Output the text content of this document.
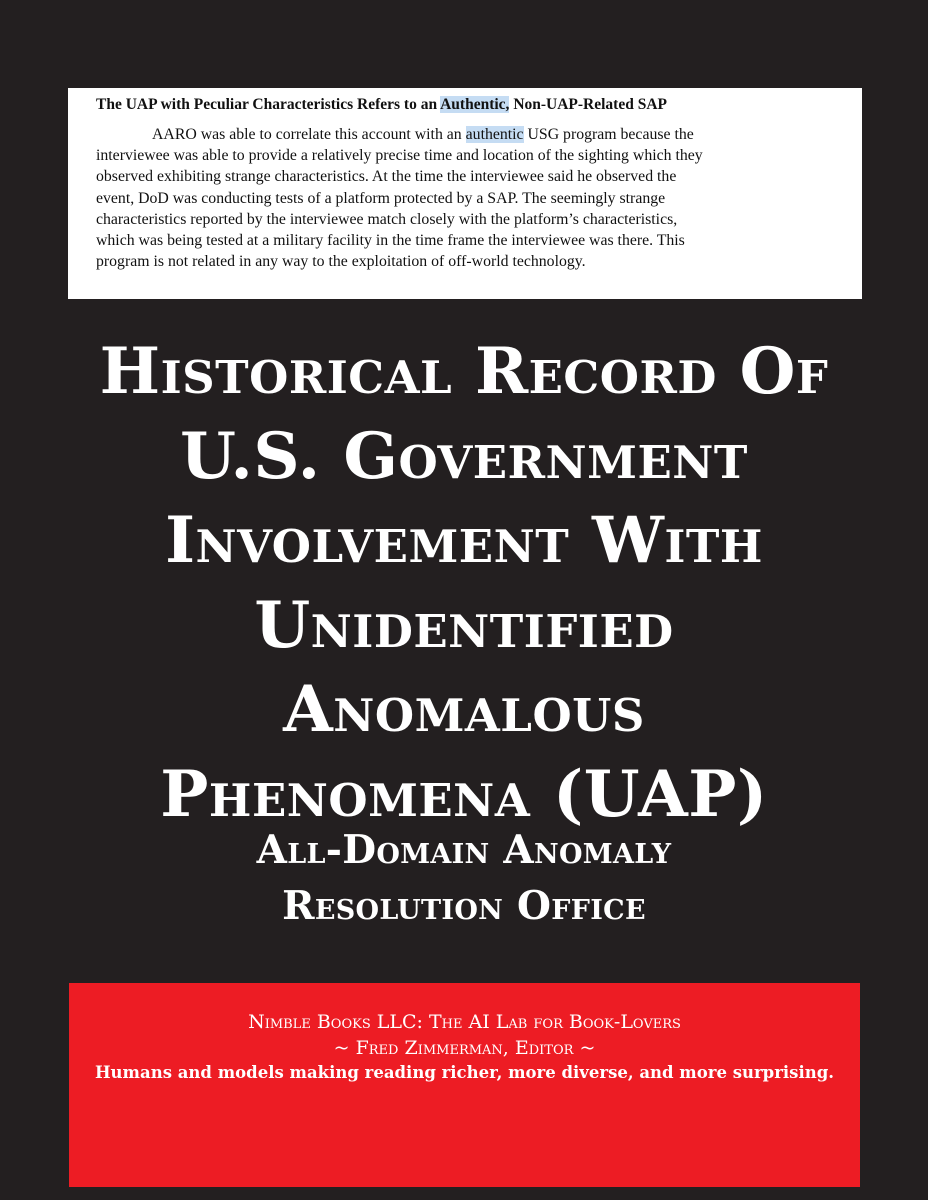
The UAP with Peculiar Characteristics Refers to an Authentic, Non-UAP-Related SAP
AARO was able to correlate this account with an authentic USG program because the
interviewee was able to provide a relatively precise time and location of the sighting which they
observed exhibiting strange characteristics. At the time the interviewee said he observed the
event, DoD was conducting tests of a platform protected by a SAP. The seemingly strange
characteristics reported by the interviewee match closely with the platform’s characteristics,
which was being tested at a military facility in the time frame the interviewee was there. This
program is not related in any way to the exploitation of off-world technology.
Historical Record Of
U.S. Government
Involvement With
Unidentified
Anomalous
Phenomena (UAP)
All-Domain Anomaly
Resolution Office
Nimble Books LLC: The AI Lab for Book-Lovers
~ Fred Zimmerman, Editor ~
Humans and models making reading richer, more diverse, and more surprising.
